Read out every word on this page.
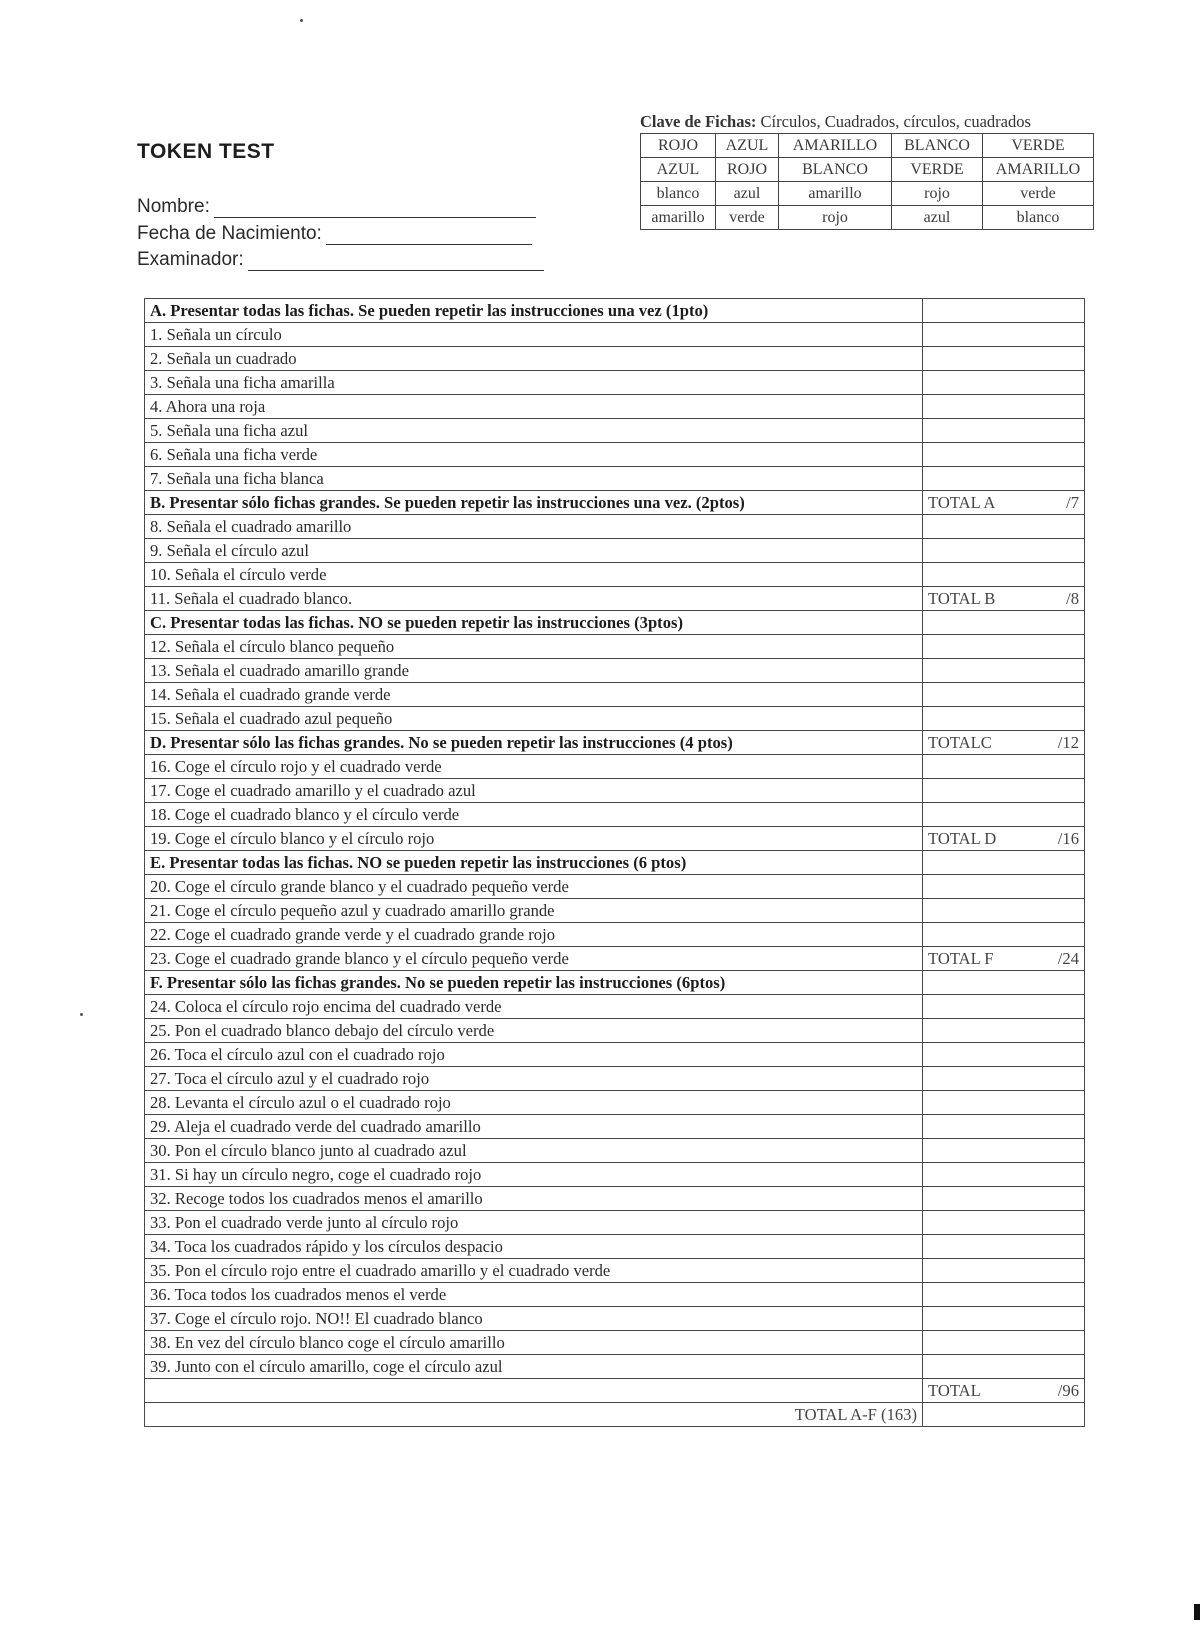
TOKEN TEST
Nombre:
Fecha de Nacimiento:
Examinador:
Clave de Fichas: Círculos, Cuadrados, círculos, cuadrados
ROJO	AZUL	AMARILLO	BLANCO	VERDE
AZUL	ROJO	BLANCO	VERDE	AMARILLO
blanco	azul	amarillo	rojo	verde
amarillo	verde	rojo	azul	blanco
A. Presentar todas las fichas. Se pueden repetir las instrucciones una vez (1pto)	
1. Señala un círculo	
2. Señala un cuadrado	
3. Señala una ficha amarilla	
4. Ahora una roja	
5. Señala una ficha azul	
6. Señala una ficha verde	
7. Señala una ficha blanca	
B. Presentar sólo fichas grandes. Se pueden repetir las instrucciones una vez. (2ptos)	TOTAL A /7

8. Señala el cuadrado amarillo	
9. Señala el círculo azul	
10. Señala el círculo verde	
11. Señala el cuadrado blanco.	TOTAL B /8

C. Presentar todas las fichas. NO se pueden repetir las instrucciones (3ptos)	
12. Señala el círculo blanco pequeño	
13. Señala el cuadrado amarillo grande	
14. Señala el cuadrado grande verde	
15. Señala el cuadrado azul pequeño	
D. Presentar sólo las fichas grandes. No se pueden repetir las instrucciones (4 ptos)	TOTALC /12

16. Coge el círculo rojo y el cuadrado verde	
17. Coge el cuadrado amarillo y el cuadrado azul	
18. Coge el cuadrado blanco y el círculo verde	
19. Coge el círculo blanco y el círculo rojo	TOTAL D /16

E. Presentar todas las fichas. NO se pueden repetir las instrucciones (6 ptos)	
20. Coge el círculo grande blanco y el cuadrado pequeño verde	
21. Coge el círculo pequeño azul y cuadrado amarillo grande	
22. Coge el cuadrado grande verde y el cuadrado grande rojo	
23. Coge el cuadrado grande blanco y el círculo pequeño verde	TOTAL F /24

F. Presentar sólo las fichas grandes. No se pueden repetir las instrucciones (6ptos)	
24. Coloca el círculo rojo encima del cuadrado verde	
25. Pon el cuadrado blanco debajo del círculo verde	
26. Toca el círculo azul con el cuadrado rojo	
27. Toca el círculo azul y el cuadrado rojo	
28. Levanta el círculo azul o el cuadrado rojo	
29. Aleja el cuadrado verde del cuadrado amarillo	
30. Pon el círculo blanco junto al cuadrado azul	
31. Si hay un círculo negro, coge el cuadrado rojo	
32. Recoge todos los cuadrados menos el amarillo	
33. Pon el cuadrado verde junto al círculo rojo	
34. Toca los cuadrados rápido y los círculos despacio	
35. Pon el círculo rojo entre el cuadrado amarillo y el cuadrado verde	
36. Toca todos los cuadrados menos el verde	
37. Coge el círculo rojo. NO!! El cuadrado blanco	
38. En vez del círculo blanco coge el círculo amarillo	
39. Junto con el círculo amarillo, coge el círculo azul	

	TOTAL /96

TOTAL A-F (163)	
